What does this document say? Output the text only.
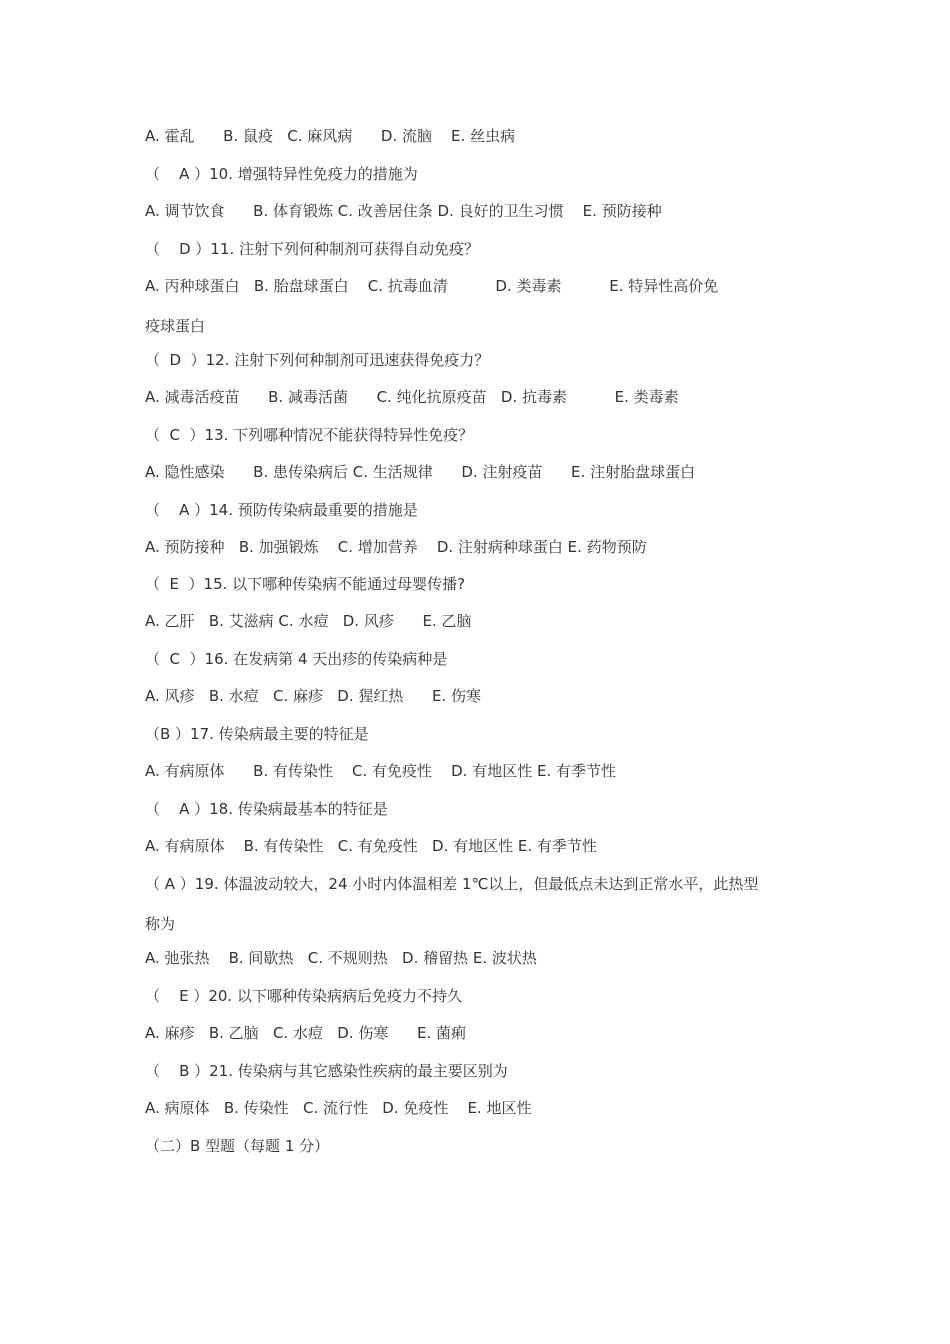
A. 霍乱      B. 鼠疫   C. 麻风病      D. 流脑    E. 丝虫病
（    A ）10. 增强特异性免疫力的措施为
A. 调节饮食      B. 体育锻炼 C. 改善居住条 D. 良好的卫生习惯    E. 预防接种
（    D ）11. 注射下列何种制剂可获得自动免疫？
A. 丙种球蛋白   B. 胎盘球蛋白    C. 抗毒血清          D. 类毒素          E. 特异性高价免
疫球蛋白
（  D  ）12. 注射下列何种制剂可迅速获得免疫力？
A. 减毒活疫苗      B. 减毒活菌      C. 纯化抗原疫苗   D. 抗毒素          E. 类毒素
（  C  ）13. 下列哪种情况不能获得特异性免疫？
A. 隐性感染      B. 患传染病后 C. 生活规律      D. 注射疫苗      E. 注射胎盘球蛋白
（    A ）14. 预防传染病最重要的措施是
A. 预防接种   B. 加强锻炼    C. 增加营养    D. 注射病种球蛋白 E. 药物预防
（  E  ）15. 以下哪种传染病不能通过母婴传播?
A. 乙肝   B. 艾滋病 C. 水痘   D. 风疹      E. 乙脑
（  C  ）16. 在发病第 4 天出疹的传染病种是
A. 风疹   B. 水痘   C. 麻疹   D. 猩红热      E. 伤寒
（B ）17. 传染病最主要的特征是
A. 有病原体      B. 有传染性    C. 有免疫性    D. 有地区性 E. 有季节性
（    A ）18. 传染病最基本的特征是
A. 有病原体    B. 有传染性   C. 有免疫性   D. 有地区性 E. 有季节性
（ A ）19. 体温波动较大，24 小时内体温相差 1℃以上，但最低点未达到正常水平，此热型
称为
A. 弛张热    B. 间歇热   C. 不规则热   D. 稽留热 E. 波状热
（    E ）20. 以下哪种传染病病后免疫力不持久
A. 麻疹   B. 乙脑   C. 水痘   D. 伤寒      E. 菌痢
（    B ）21. 传染病与其它感染性疾病的最主要区别为
A. 病原体   B. 传染性   C. 流行性   D. 免疫性    E. 地区性
（二）B 型题（每题 1 分）
